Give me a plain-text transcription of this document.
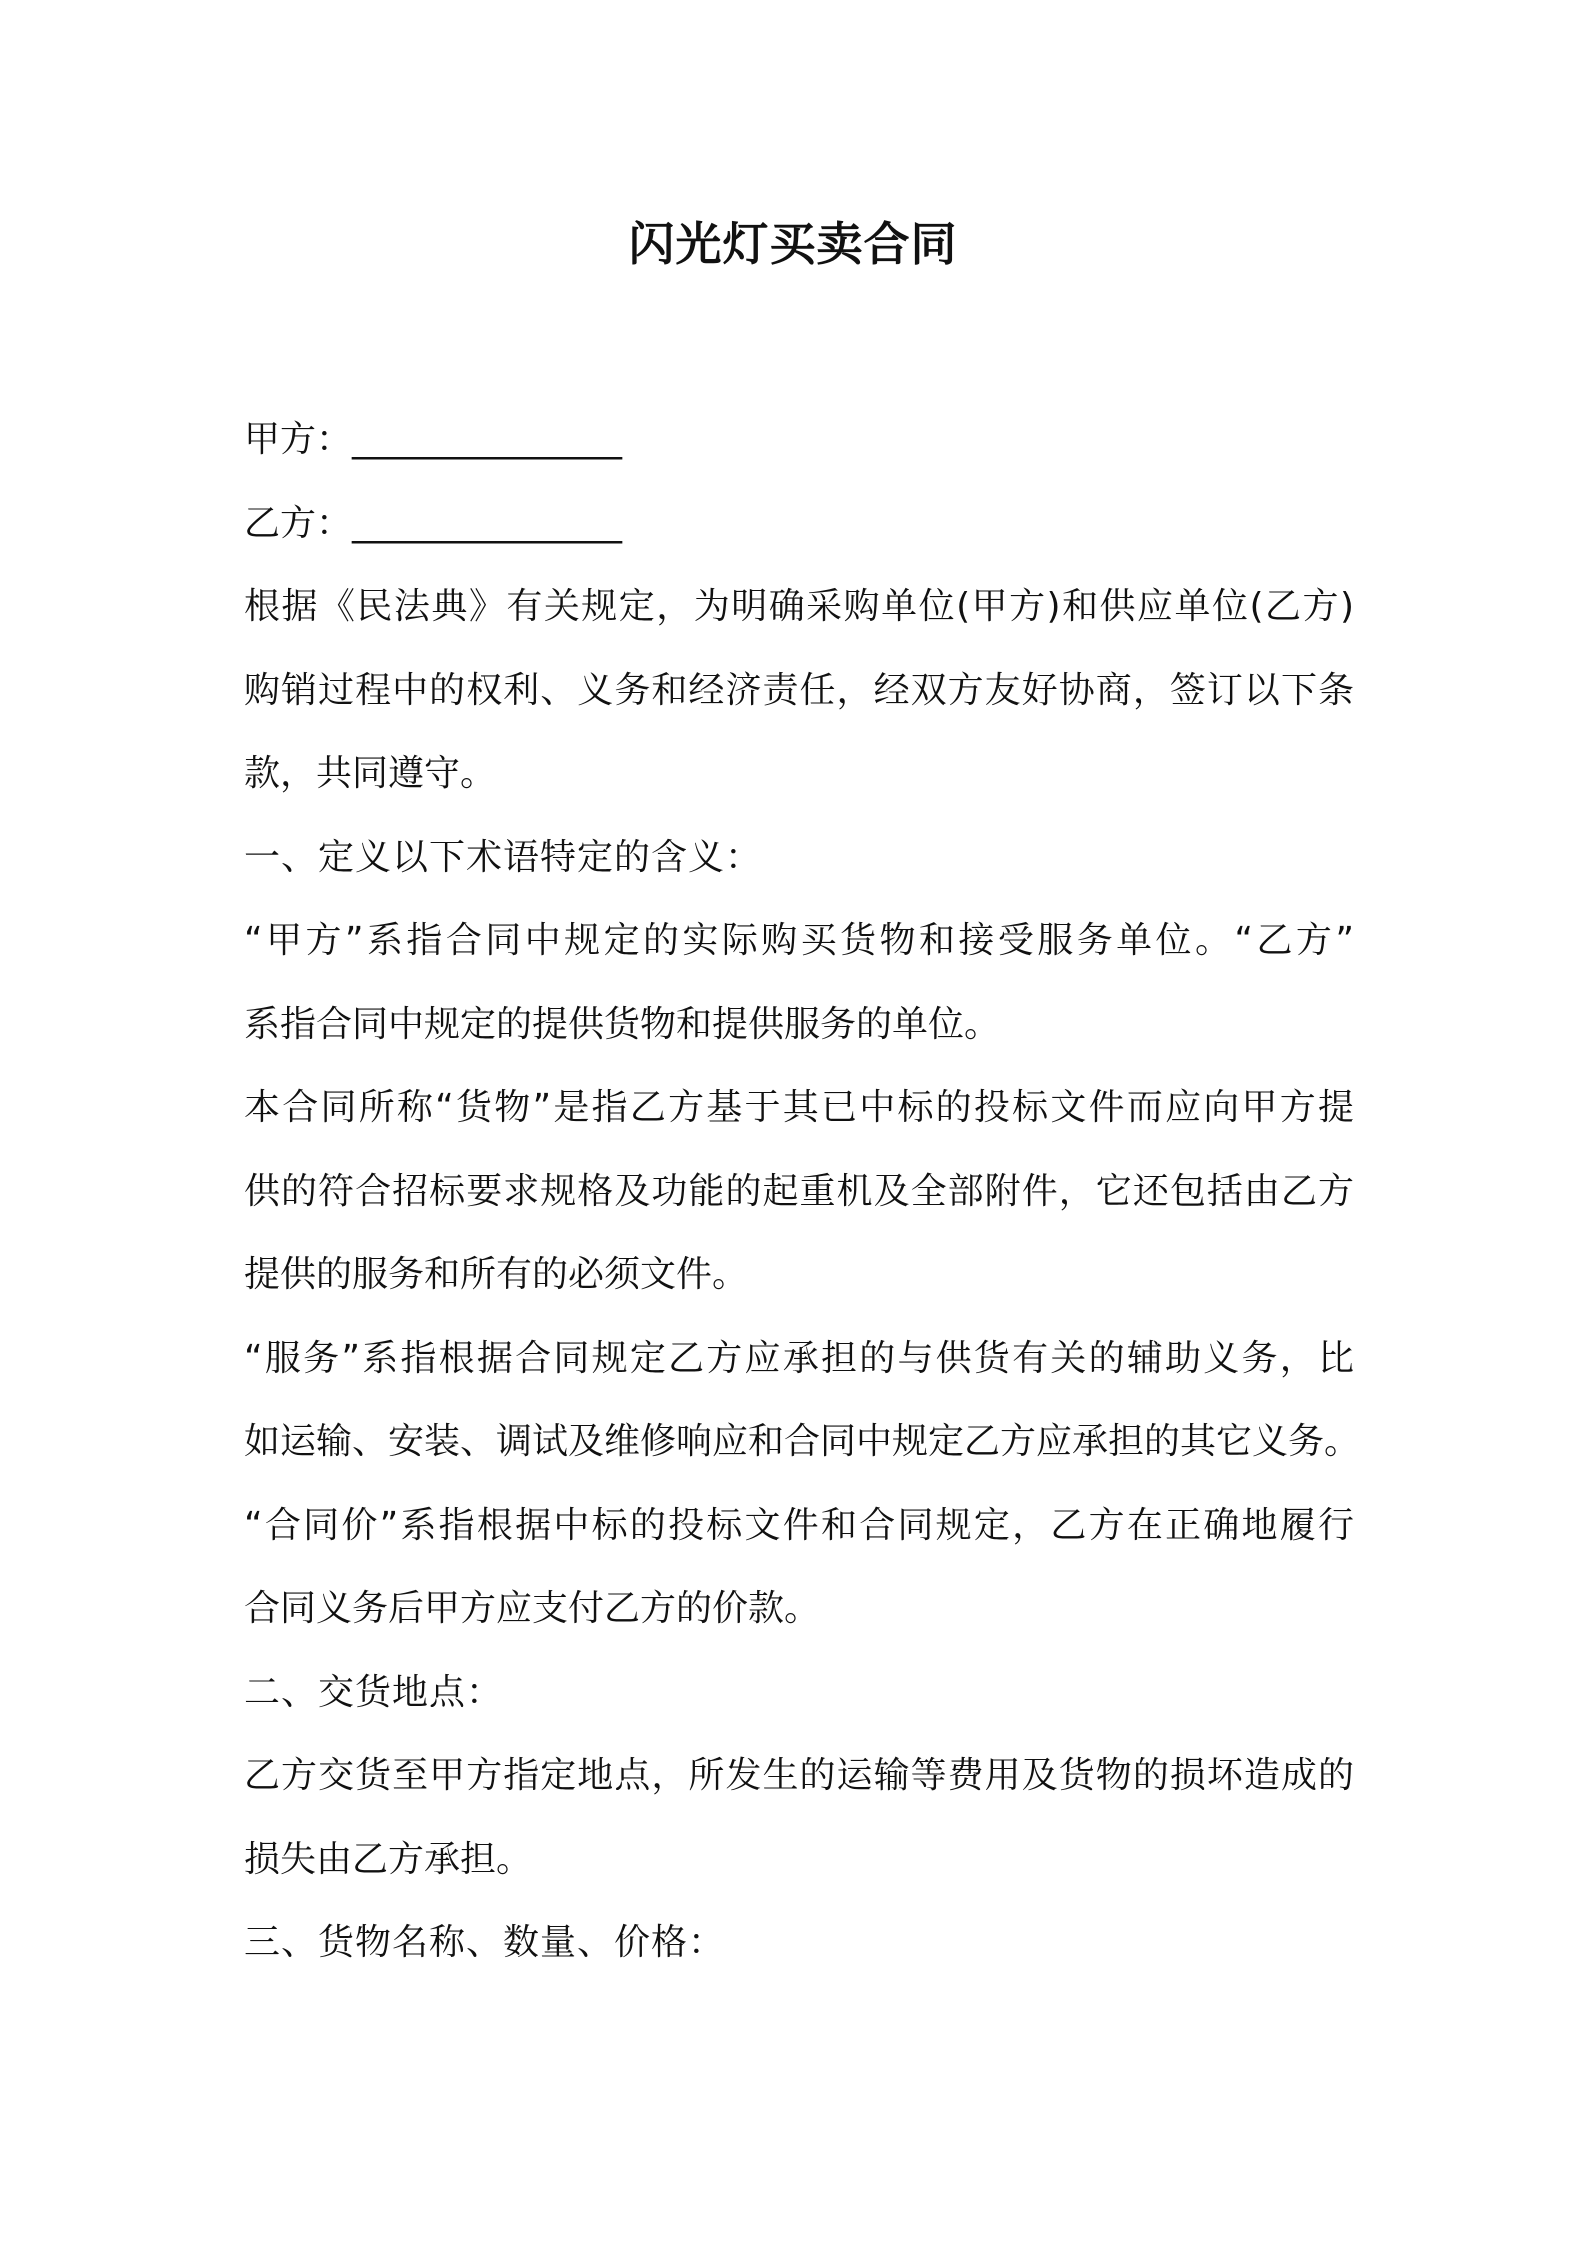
闪光灯买卖合同
甲方：_______________
乙方：_______________
根据《民法典》有关规定，为明确采购单位(甲方)和供应单位(乙方)
购销过程中的权利、义务和经济责任，经双方友好协商，签订以下条
款，共同遵守。
一、定义以下术语特定的含义：
“甲方”系指合同中规定的实际购买货物和接受服务单位。“乙方”
系指合同中规定的提供货物和提供服务的单位。
本合同所称“货物”是指乙方基于其已中标的投标文件而应向甲方提
供的符合招标要求规格及功能的起重机及全部附件，它还包括由乙方
提供的服务和所有的必须文件。
“服务”系指根据合同规定乙方应承担的与供货有关的辅助义务，比
如运输、安装、调试及维修响应和合同中规定乙方应承担的其它义务。
“合同价”系指根据中标的投标文件和合同规定，乙方在正确地履行
合同义务后甲方应支付乙方的价款。
二、交货地点：
乙方交货至甲方指定地点，所发生的运输等费用及货物的损坏造成的
损失由乙方承担。
三、货物名称、数量、价格：
